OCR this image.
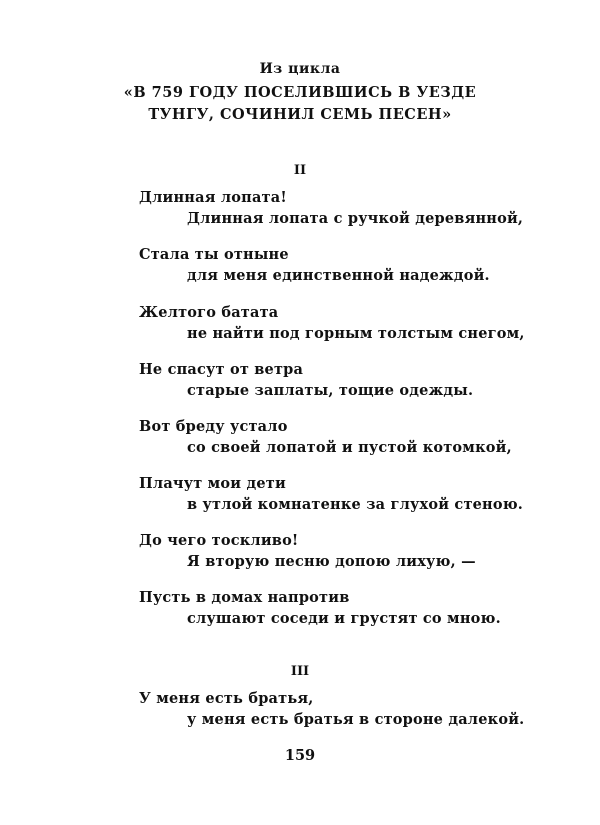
Из цикла
«В 759 ГОДУ ПОСЕЛИВШИСЬ В УЕЗДЕ
ТУНГУ, СОЧИНИЛ СЕМЬ ПЕСЕН»
II
Длинная лопата!
Длинная лопата с ручкой деревянной,
Стала ты отныне
для меня единственной надеждой.
Желтого батата
не найти под горным толстым снегом,
Не спасут от ветра
старые заплаты, тощие одежды.
Вот бреду устало
со своей лопатой и пустой котомкой,
Плачут мои дети
в утлой комнатенке за глухой стеною.
До чего тоскливо!
Я вторую песню допою лихую, —
Пусть в домах напротив
слушают соседи и грустят со мною.
III
У меня есть братья,
у меня есть братья в стороне далекой.
159
